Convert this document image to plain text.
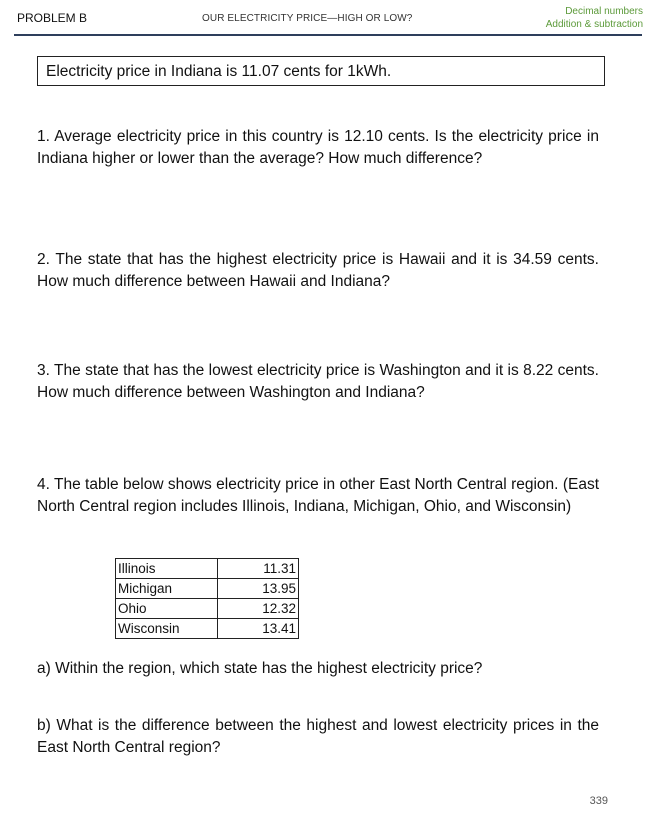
PROBLEM B	OUR ELECTRICITY PRICE—HIGH OR LOW?
Decimal numbers
Addition & subtraction
Electricity price in Indiana is 11.07 cents for 1kWh.
1. Average electricity price in this country is 12.10 cents. Is the electricity price in Indiana higher or lower than the average? How much difference?
2. The state that has the highest electricity price is Hawaii and it is 34.59 cents. How much difference between Hawaii and Indiana?
3. The state that has the lowest electricity price is Washington and it is 8.22 cents. How much difference between Washington and Indiana?
4. The table below shows electricity price in other East North Central region. (East North Central region includes Illinois, Indiana, Michigan, Ohio, and Wisconsin)
Illinois	11.31
Michigan	13.95
Ohio	12.32
Wisconsin	13.41
a) Within the region, which state has the highest electricity price?
b) What is the difference between the highest and lowest electricity prices in the East North Central region?
339
